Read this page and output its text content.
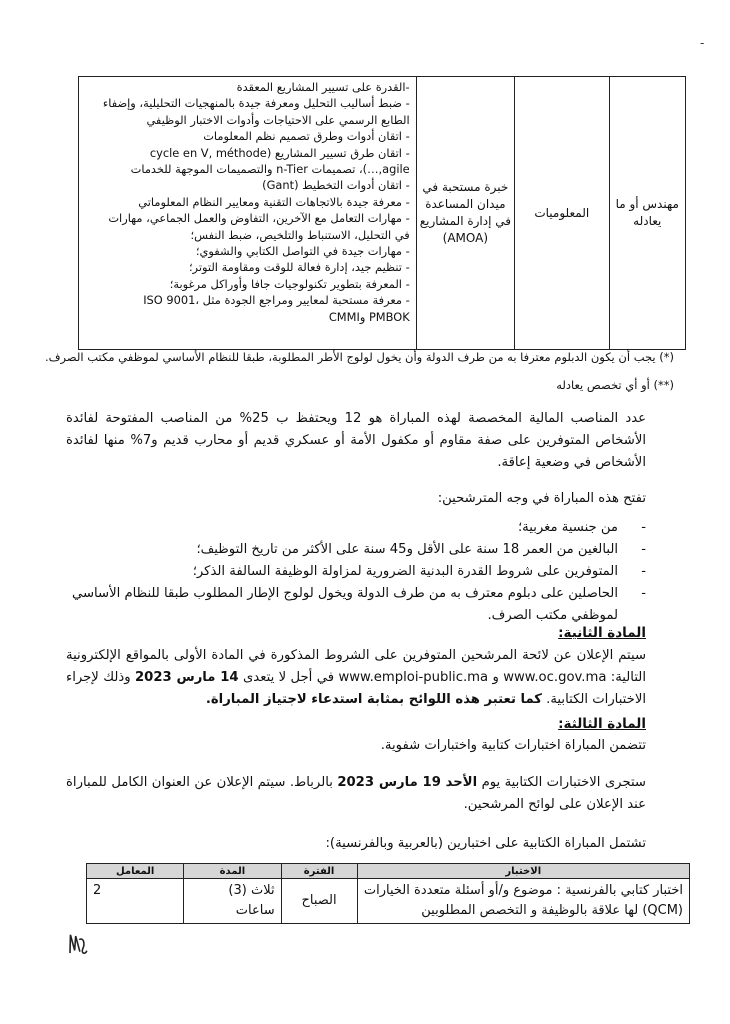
-
مهندس أو ما يعادله	المعلوميات	خبرة مستحبة في ميدان المساعدة في إدارة المشاريع (AMOA)	
-القدرة على تسيير المشاريع المعقدة
- ضبط أساليب التحليل ومعرفة جيدة بالمنهجيات التحليلية، وإضفاء الطابع الرسمي على الاحتياجات وأدوات الاختبار الوظيفي
- اتقان أدوات وطرق تصميم نظم المعلومات
- اتقان طرق تسيير المشاريع (cycle en V, méthode agile,…)، تصميمات n-Tier والتصميمات الموجهة للخدمات
- اتقان أدوات التخطيط (Gant)
- معرفة جيدة بالاتجاهات التقنية ومعايير النظام المعلوماتي
- مهارات التعامل مع الآخرين، التفاوض والعمل الجماعي، مهارات في التحليل، الاستنباط والتلخيص، ضبط النفس؛
- مهارات جيدة في التواصل الكتابي والشفوي؛
- تنظيم جيد، إدارة فعالة للوقت ومقاومة التوتر؛
- المعرفة بتطوير تكنولوجيات جافا وأوراكل مرغوبة؛
- معرفة مستحبة لمعايير ومراجع الجودة مثل ISO 9001، PMBOK وCMMI
(*) يجب أن يكون الدبلوم معترفا به من طرف الدولة وأن يخول لولوج الأطر المطلوبة، طبقا للنظام الأساسي لموظفي مكتب الصرف.
(**) أو أي تخصص يعادله
عدد المناصب المالية المخصصة لهذه المباراة هو 12 ويحتفظ ب 25% من المناصب المفتوحة لفائدة الأشخاص المتوفرين على صفة مقاوم أو مكفول الأمة أو عسكري قديم أو محارب قديم و7% منها لفائدة الأشخاص في وضعية إعاقة.
تفتح هذه المباراة في وجه المترشحين:
-
من جنسية مغربية؛
-
البالغين من العمر 18 سنة على الأقل و45 سنة على الأكثر من تاريخ التوظيف؛
-
المتوفرين على شروط القدرة البدنية الضرورية لمزاولة الوظيفة السالفة الذكر؛
-
الحاصلين على دبلوم معترف به من طرف الدولة ويخول لولوج الإطار المطلوب طبقا للنظام الأساسي لموظفي مكتب الصرف.
المادة الثانية:
سيتم الإعلان عن لائحة المرشحين المتوفرين على الشروط المذكورة في المادة الأولى بالمواقع الإلكترونية التالية: www.oc.gov.ma و www.emploi-public.ma في أجل لا يتعدى 14 مارس 2023 وذلك لإجراء الاختبارات الكتابية. كما تعتبر هذه اللوائح بمثابة استدعاء لاجتياز المباراة.
المادة الثالثة:
تتضمن المباراة اختبارات كتابية واختبارات شفوية.
ستجرى الاختبارات الكتابية يوم الأحد 19 مارس 2023 بالرباط. سيتم الإعلان عن العنوان الكامل للمباراة عند الإعلان على لوائح المرشحين.
تشتمل المباراة الكتابية على اختبارين (بالعربية وبالفرنسية):
الاختبار	الفترة	المدة	المعامل
اختبار كتابي بالفرنسية : موضوع و/أو أسئلة متعددة الخيارات (QCM) لها علاقة بالوظيفة و التخصص المطلوبين	الصباح	ثلاث (3) ساعات	2
